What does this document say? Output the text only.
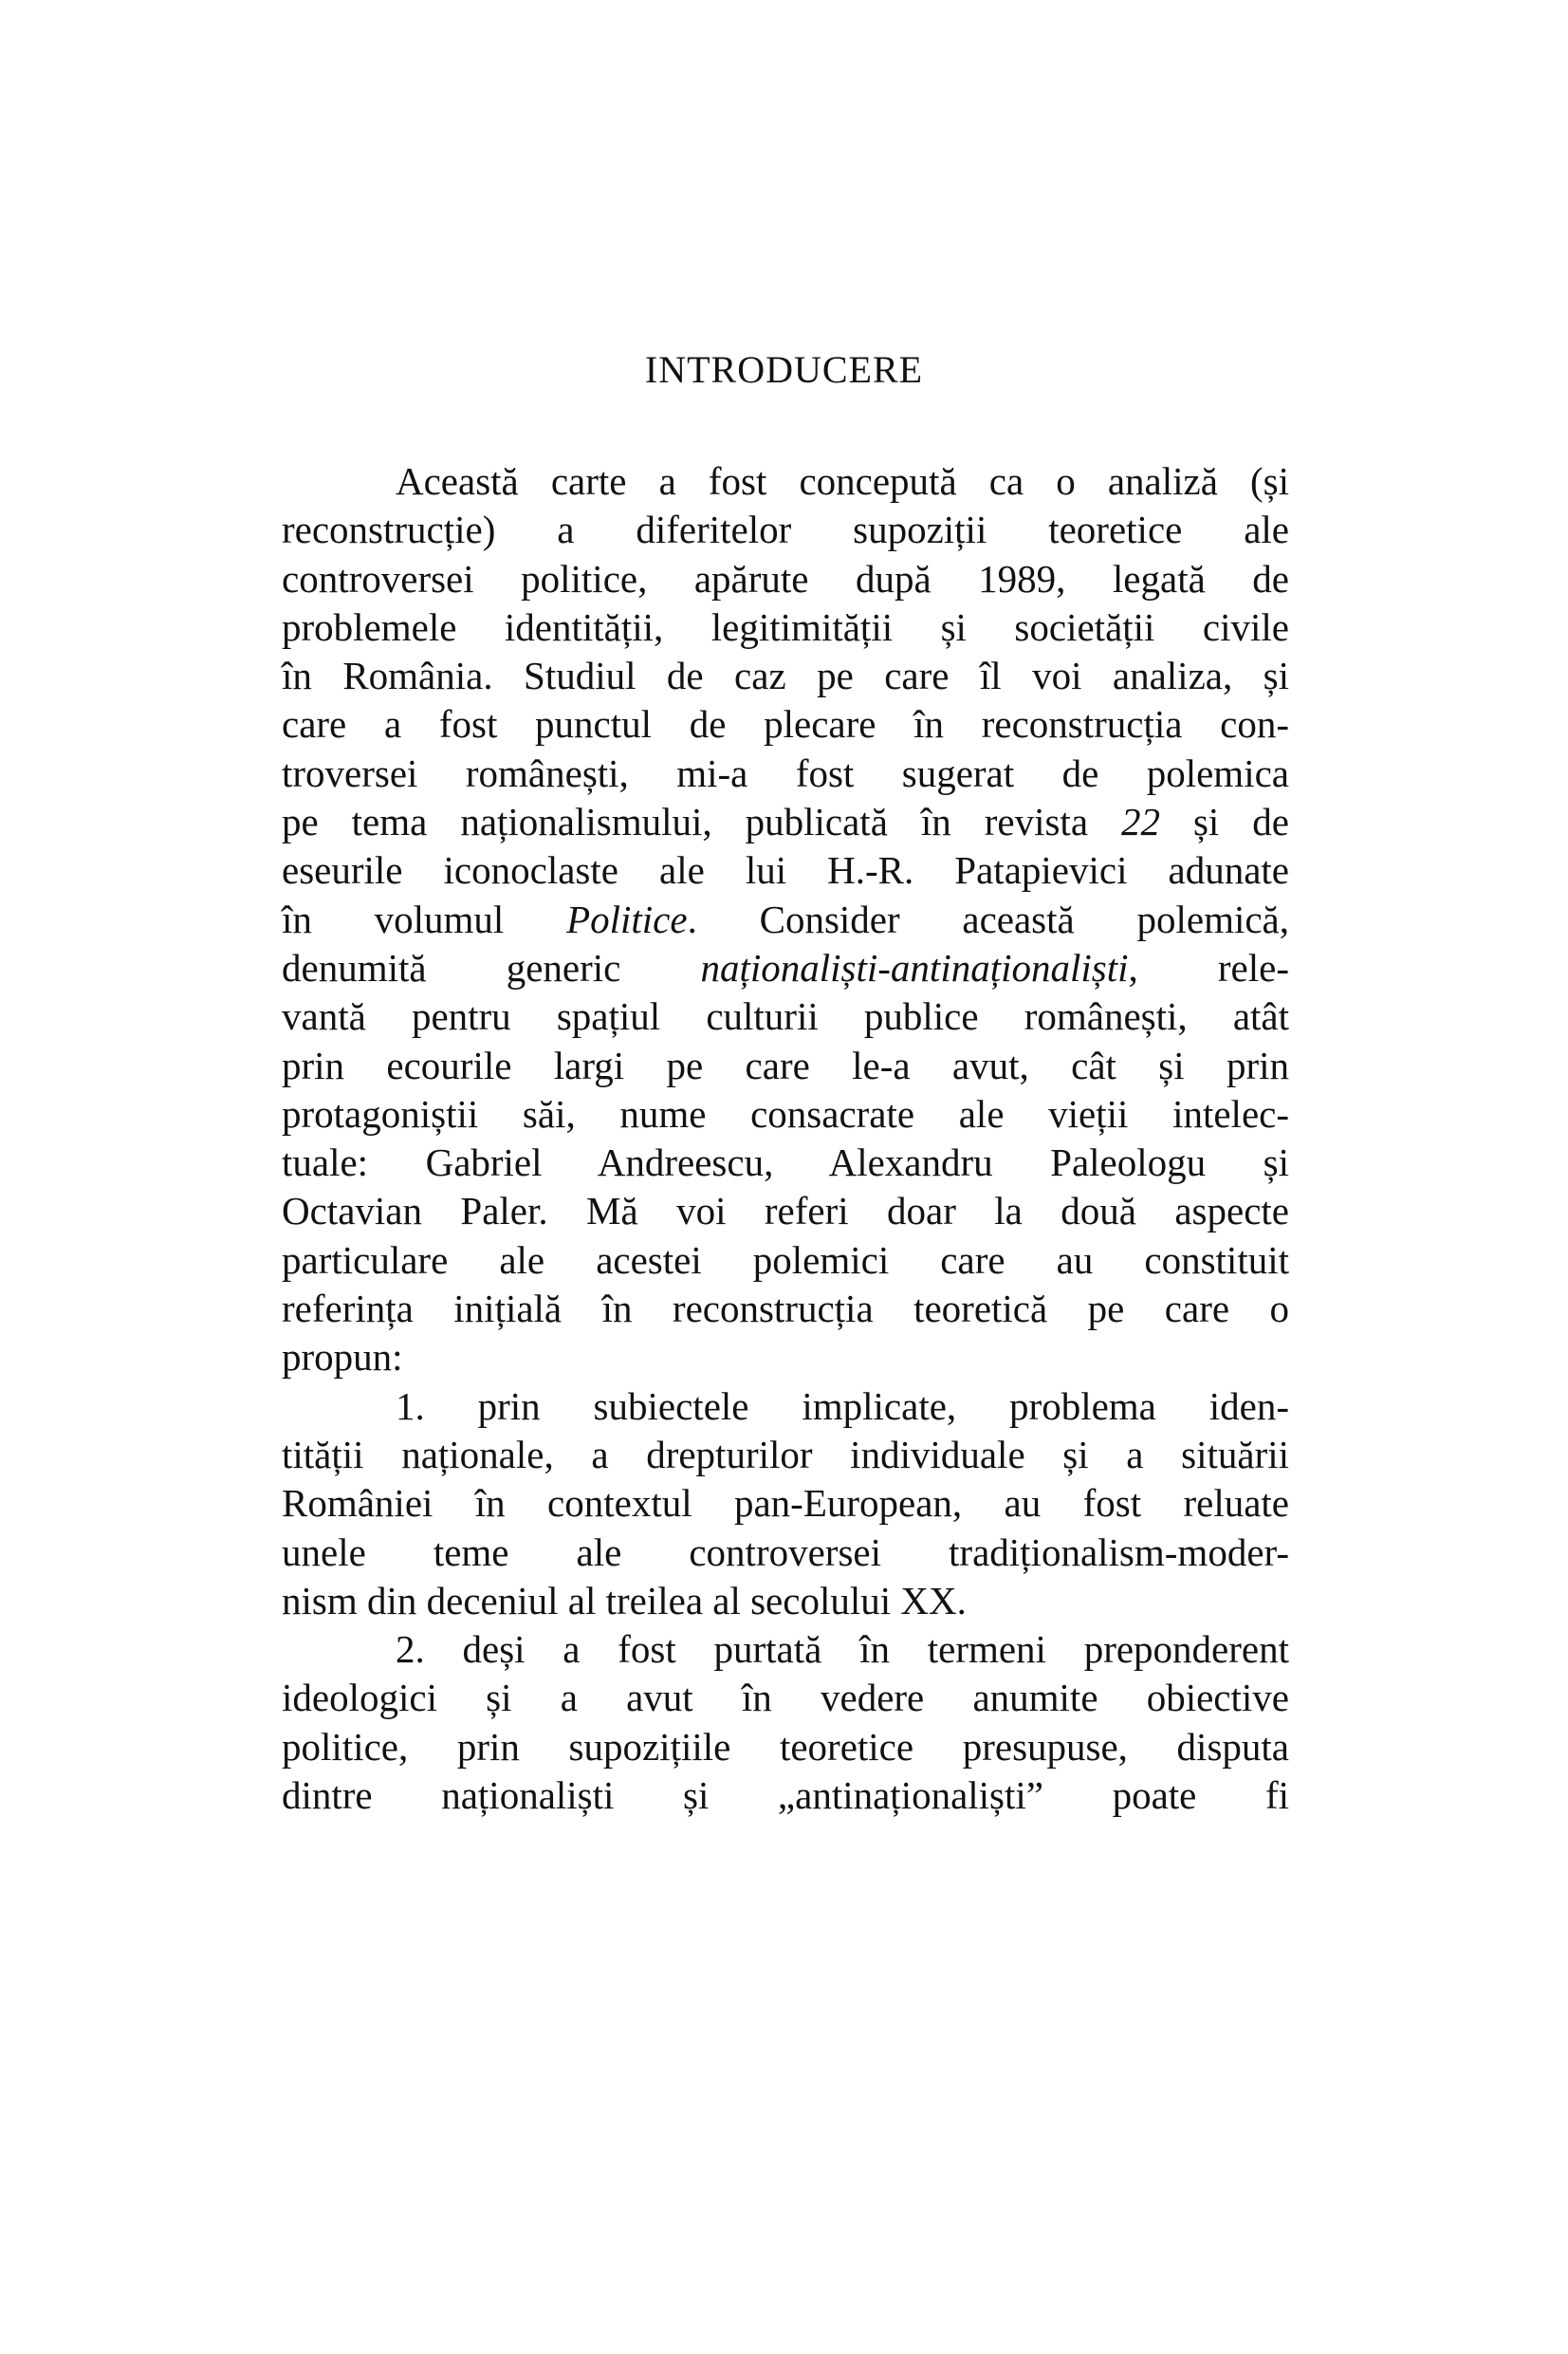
INTRODUCERE
Această carte a fost concepută ca o analiză (și
reconstrucție) a diferitelor supoziții teoretice ale
controversei politice, apărute după 1989, legată de
problemele identității, legitimității și societății civile
în România. Studiul de caz pe care îl voi analiza, și
care a fost punctul de plecare în reconstrucția con-
troversei românești, mi-a fost sugerat de polemica
pe tema naționalismului, publicată în revista 22 și de
eseurile iconoclaste ale lui H.-R. Patapievici adunate
în volumul Politice. Consider această polemică,
denumită generic naționaliști-antinaționaliști, rele-
vantă pentru spațiul culturii publice românești, atât
prin ecourile largi pe care le-a avut, cât și prin
protagoniștii săi, nume consacrate ale vieții intelec-
tuale: Gabriel Andreescu, Alexandru Paleologu și
Octavian Paler. Mă voi referi doar la două aspecte
particulare ale acestei polemici care au constituit
referința inițială în reconstrucția teoretică pe care o
propun:
1. prin subiectele implicate, problema iden-
tității naționale, a drepturilor individuale și a situării
României în contextul pan-European, au fost reluate
unele teme ale controversei tradiționalism-moder-
nism din deceniul al treilea al secolului XX.
2. deși a fost purtată în termeni preponderent
ideologici și a avut în vedere anumite obiective
politice, prin supozițiile teoretice presupuse, disputa
dintre naționaliști și „antinaționaliști” poate fi
